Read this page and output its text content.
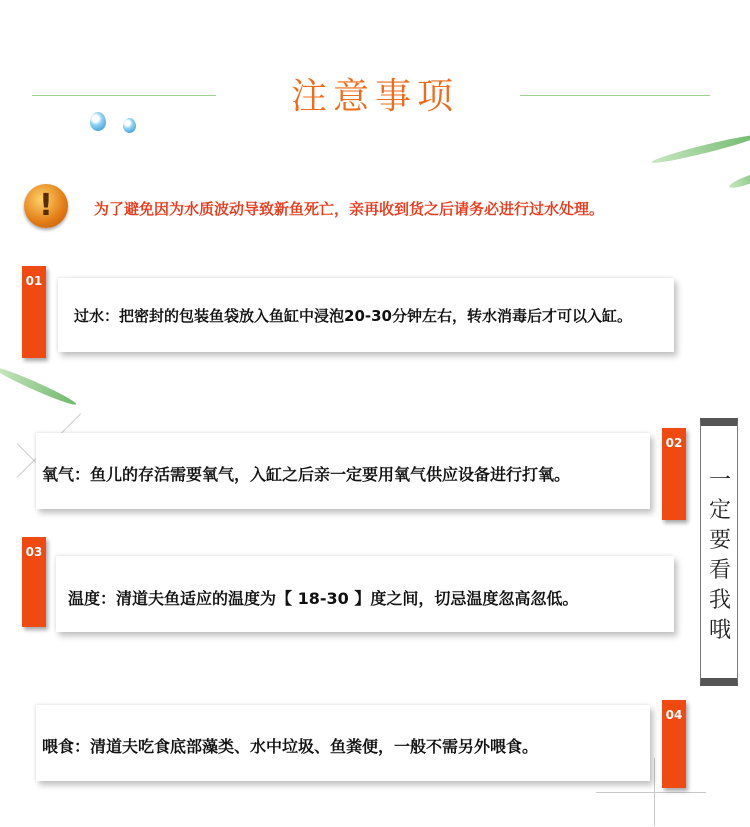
注意事项
!	为了避免因为水质波动导致新鱼死亡，亲再收到货之后请务必进行过水处理。
过水：把密封的包装鱼袋放入鱼缸中浸泡20-30分钟左右，转水消毒后才可以入缸。
01
氧气：鱼儿的存活需要氧气，入缸之后亲一定要用氧气供应设备进行打氧。
02
温度：清道夫鱼适应的温度为【 18-30 】度之间，切忌温度忽高忽低。
03
喂食：清道夫吃食底部藻类、水中垃圾、鱼粪便，一般不需另外喂食。
04
一定要看我哦
